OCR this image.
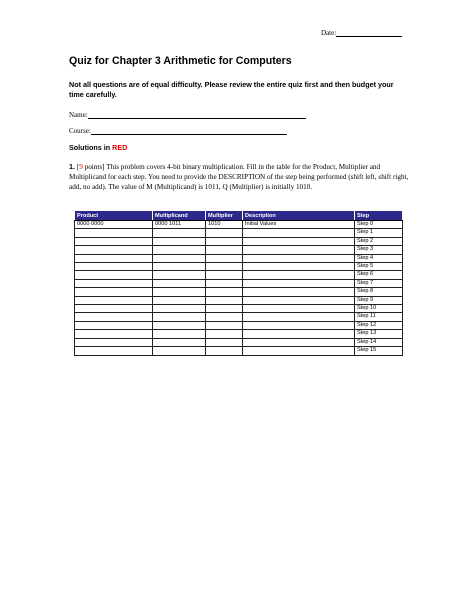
Date:
Quiz for Chapter 3 Arithmetic for Computers
Not all questions are of equal difficulty. Please review the entire quiz first and then budget your time carefully.
Name:
Course:
Solutions in RED
1. [9 points] This problem covers 4-bit binary multiplication. Fill in the table for the Product, Multiplier and Multiplicand for each step. You need to provide the DESCRIPTION of the step being performed (shift left, shift right, add, no add). The value of M (Multiplicand) is 1011, Q (Multiplier) is initially 1010.
Product	Multiplicand	Multiplier	Description	Step
0000 0000	0000 1011	1010	Initial Values	Step 0
				Step 1
				Step 2
				Step 3
				Step 4
				Step 5
				Step 6
				Step 7
				Step 8
				Step 9
				Step 10
				Step 11
				Step 12
				Step 13
				Step 14
				Step 15
